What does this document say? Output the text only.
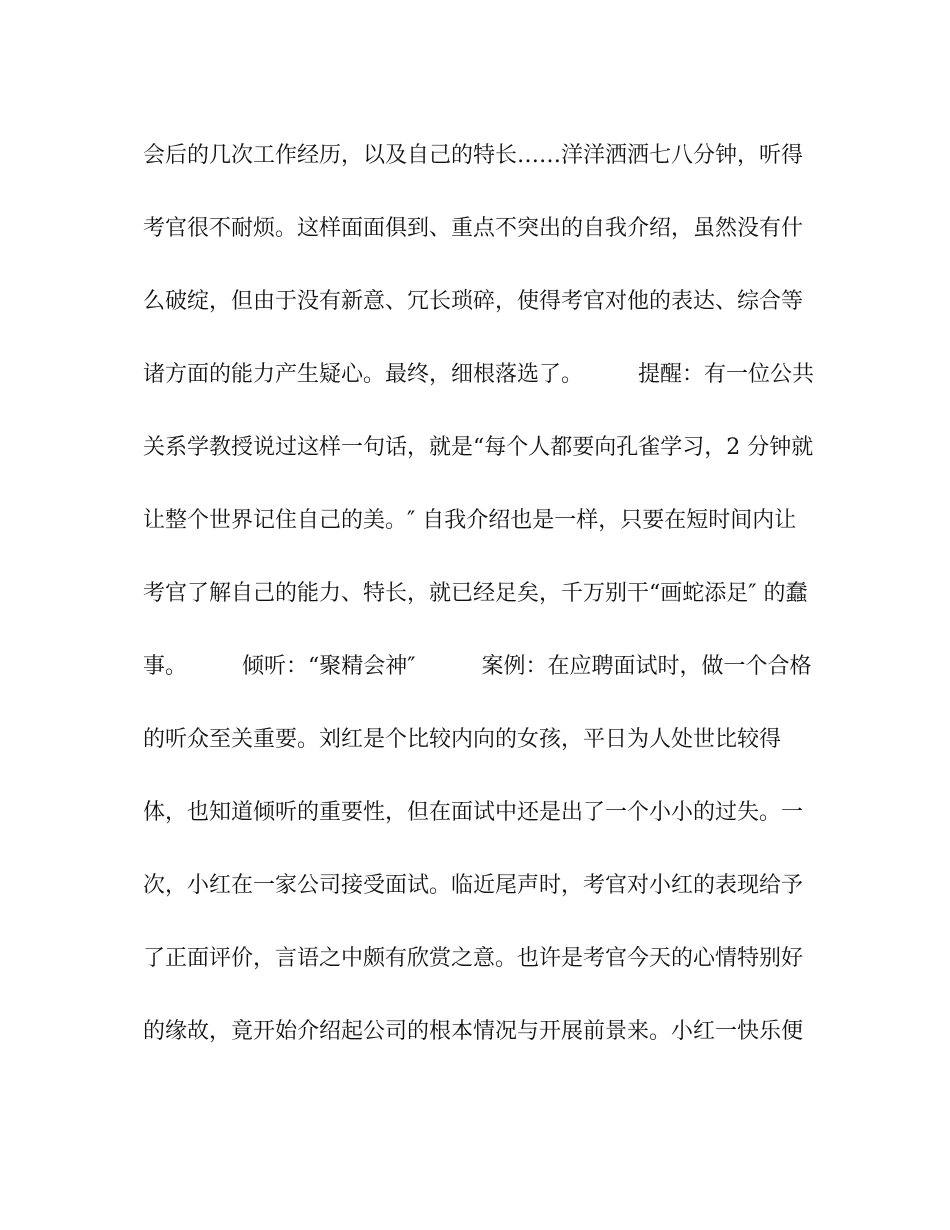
会后的几次工作经历，以及自己的特长……洋洋洒洒七八分钟，听得
考官很不耐烦。这样面面俱到、重点不突出的自我介绍，虽然没有什
么破绽，但由于没有新意、冗长琐碎，使得考官对他的表达、综合等
诸方面的能力产生疑心。最终，细根落选了。　　　提醒：有一位公共
关系学教授说过这样一句话，就是“每个人都要向孔雀学习，2 分钟就
让整个世界记住自己的美。″ 自我介绍也是一样，只要在短时间内让
考官了解自己的能力、特长，就已经足矣，千万别干“画蛇添足″ 的蠢
事。　　　倾听：“聚精会神″　　　案例：在应聘面试时，做一个合格
的听众至关重要。刘红是个比较内向的女孩，平日为人处世比较得
体，也知道倾听的重要性，但在面试中还是出了一个小小的过失。一
次，小红在一家公司接受面试。临近尾声时，考官对小红的表现给予
了正面评价，言语之中颇有欣赏之意。也许是考官今天的心情特别好
的缘故，竟开始介绍起公司的根本情况与开展前景来。小红一快乐便
